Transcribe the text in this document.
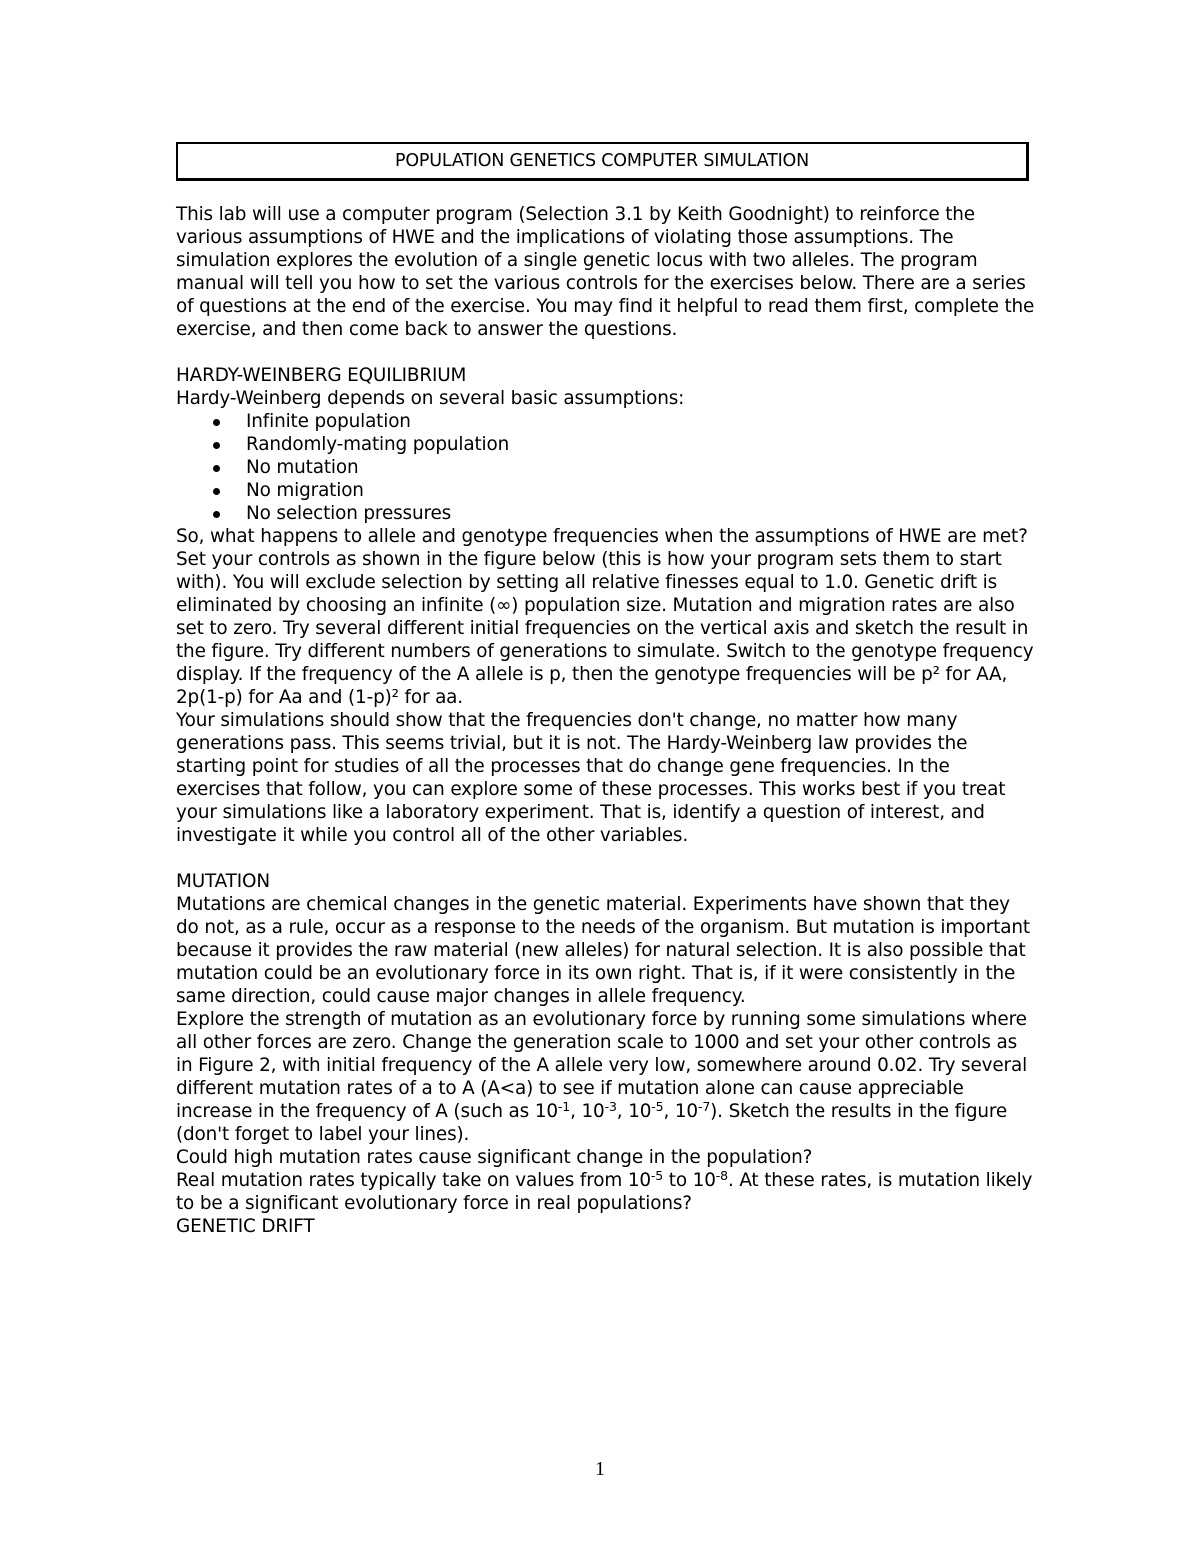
POPULATION GENETICS COMPUTER SIMULATION

This lab will use a computer program (Selection 3.1 by Keith Goodnight) to reinforce the various assumptions of HWE and the implications of violating those assumptions. The simulation explores the evolution of a single genetic locus with two alleles. The program manual will tell you how to set the various controls for the exercises below. There are a series of questions at the end of the exercise. You may find it helpful to read them first, complete the exercise, and then come back to answer the questions.

HARDY-WEINBERG EQUILIBRIUM

Hardy-Weinberg depends on several basic assumptions:

Infinite population
Randomly-mating population
No mutation
No migration
No selection pressures

So, what happens to allele and genotype frequencies when the assumptions of HWE are met? Set your controls as shown in the figure below (this is how your program sets them to start with). You will exclude selection by setting all relative finesses equal to 1.0. Genetic drift is eliminated by choosing an infinite (∞) population size. Mutation and migration rates are also set to zero. Try several different initial frequencies on the vertical axis and sketch the result in the figure. Try different numbers of generations to simulate. Switch to the genotype frequency display. If the frequency of the A allele is p, then the genotype frequencies will be p² for AA, 2p(1-p) for Aa and (1-p)² for aa.

Your simulations should show that the frequencies don't change, no matter how many generations pass. This seems trivial, but it is not. The Hardy-Weinberg law provides the starting point for studies of all the processes that do change gene frequencies. In the exercises that follow, you can explore some of these processes. This works best if you treat your simulations like a laboratory experiment. That is, identify a question of interest, and investigate it while you control all of the other variables.

MUTATION

Mutations are chemical changes in the genetic material. Experiments have shown that they do not, as a rule, occur as a response to the needs of the organism. But mutation is important because it provides the raw material (new alleles) for natural selection. It is also possible that mutation could be an evolutionary force in its own right. That is, if it were consistently in the same direction, could cause major changes in allele frequency.

Explore the strength of mutation as an evolutionary force by running some simulations where all other forces are zero. Change the generation scale to 1000 and set your other controls as in Figure 2, with initial frequency of the A allele very low, somewhere around 0.02. Try several different mutation rates of a to A (A<a) to see if mutation alone can cause appreciable increase in the frequency of A (such as $10^{-1}$, $10^{-3}$, $10^{-5}$, $10^{-7}$). Sketch the results in the figure (don't forget to label your lines).

Could high mutation rates cause significant change in the population?

Real mutation rates typically take on values from $10^{-5}$ to $10^{-8}$. At these rates, is mutation likely to be a significant evolutionary force in real populations?

GENETIC DRIFT

1
